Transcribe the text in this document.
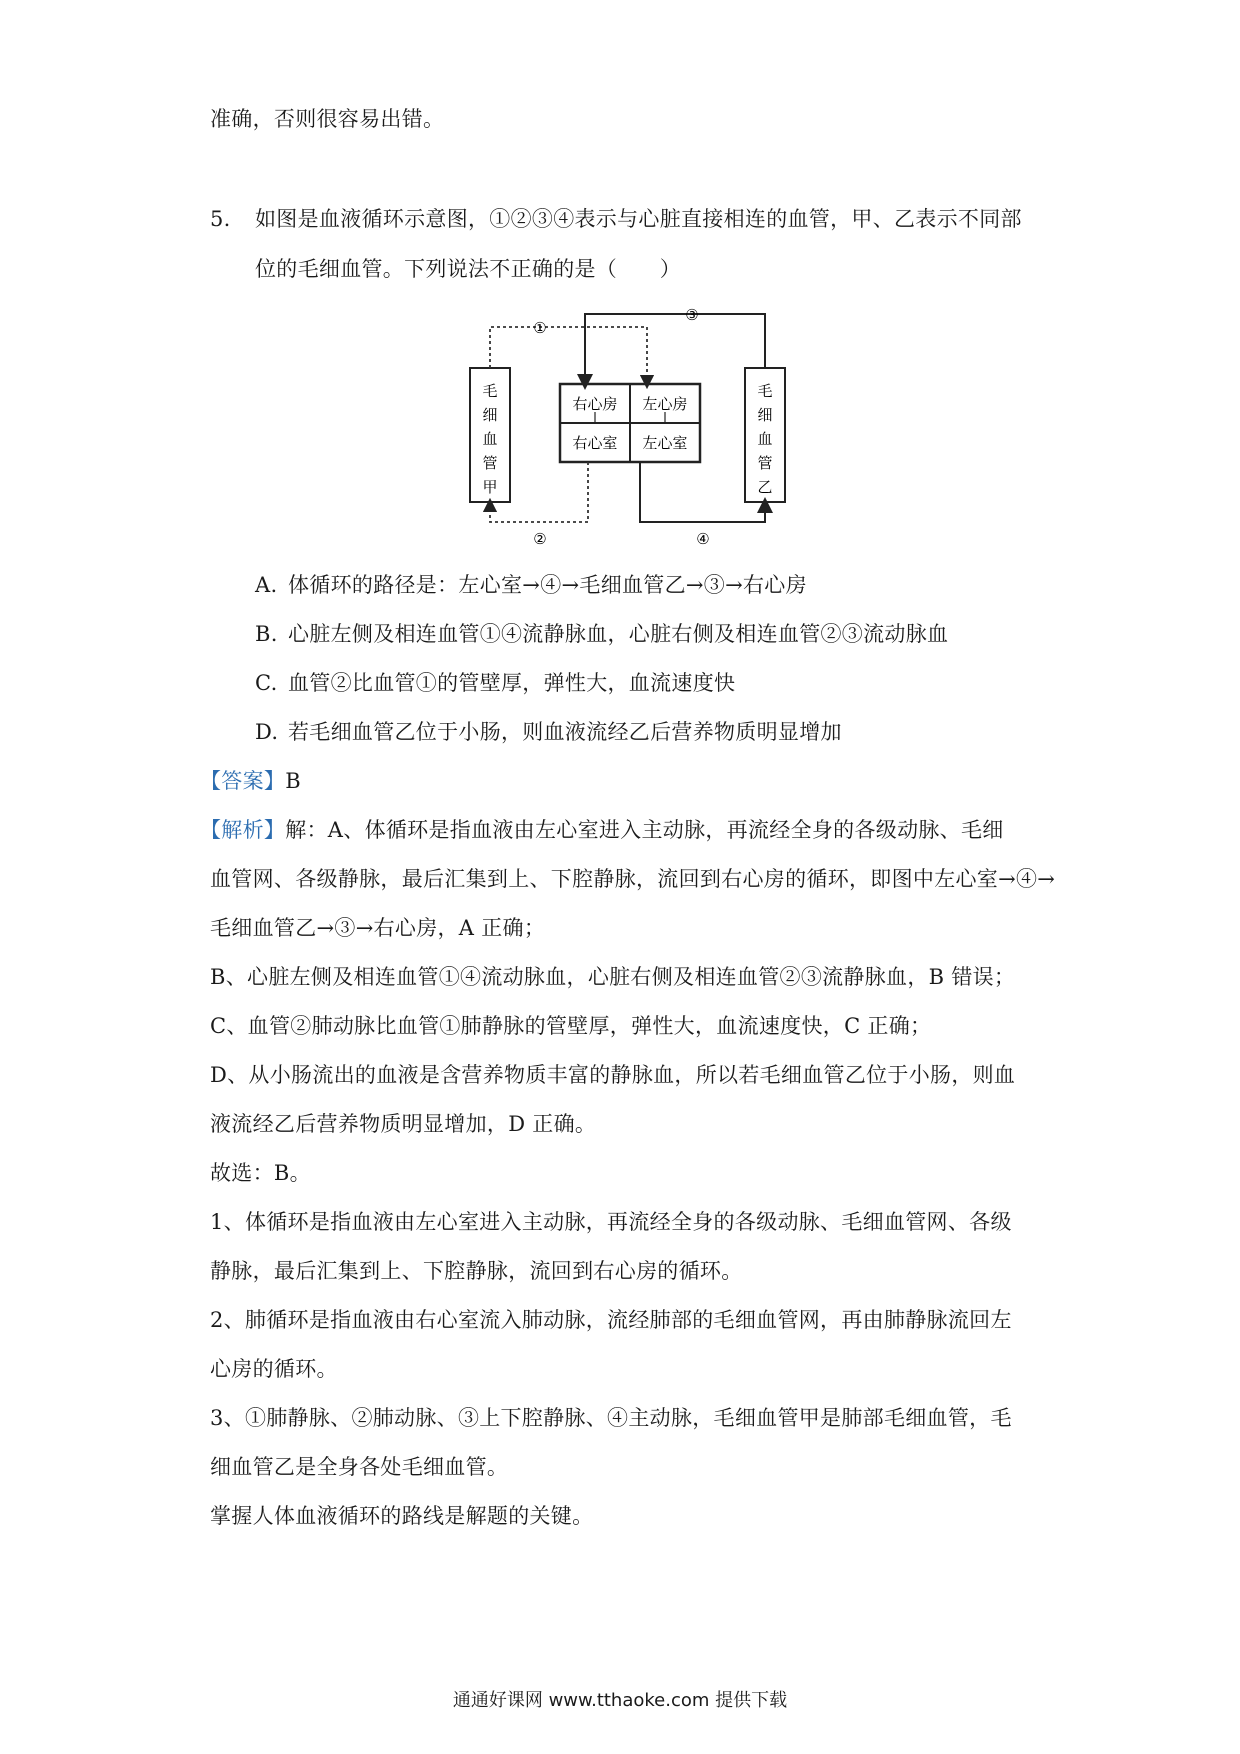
准确，否则很容易出错。
5. 如图是血液循环示意图，①②③④表示与心脏直接相连的血管，甲、乙表示不同部
位的毛细血管。下列说法不正确的是（　　）
①
③
②	④
右心房 左心房
右心室 左心室
毛
细
血
管
甲
毛
细
血
管
乙
A. 体循环的路径是：左心室→④→毛细血管乙→③→右心房
B. 心脏左侧及相连血管①④流静脉血，心脏右侧及相连血管②③流动脉血
C. 血管②比血管①的管壁厚，弹性大，血流速度快
D. 若毛细血管乙位于小肠，则血液流经乙后营养物质明显增加
【答案】B
【解析】解：A、体循环是指血液由左心室进入主动脉，再流经全身的各级动脉、毛细
血管网、各级静脉，最后汇集到上、下腔静脉，流回到右心房的循环，即图中左心室→④→
毛细血管乙→③→右心房，A 正确；
B、心脏左侧及相连血管①④流动脉血，心脏右侧及相连血管②③流静脉血，B 错误；
C、血管②肺动脉比血管①肺静脉的管壁厚，弹性大，血流速度快，C 正确；
D、从小肠流出的血液是含营养物质丰富的静脉血，所以若毛细血管乙位于小肠，则血
液流经乙后营养物质明显增加，D 正确。
故选：B。
1、体循环是指血液由左心室进入主动脉，再流经全身的各级动脉、毛细血管网、各级
静脉，最后汇集到上、下腔静脉，流回到右心房的循环。
2、肺循环是指血液由右心室流入肺动脉，流经肺部的毛细血管网，再由肺静脉流回左
心房的循环。
3、①肺静脉、②肺动脉、③上下腔静脉、④主动脉，毛细血管甲是肺部毛细血管，毛
细血管乙是全身各处毛细血管。
掌握人体血液循环的路线是解题的关键。
通通好课网 www.tthaoke.com 提供下载
